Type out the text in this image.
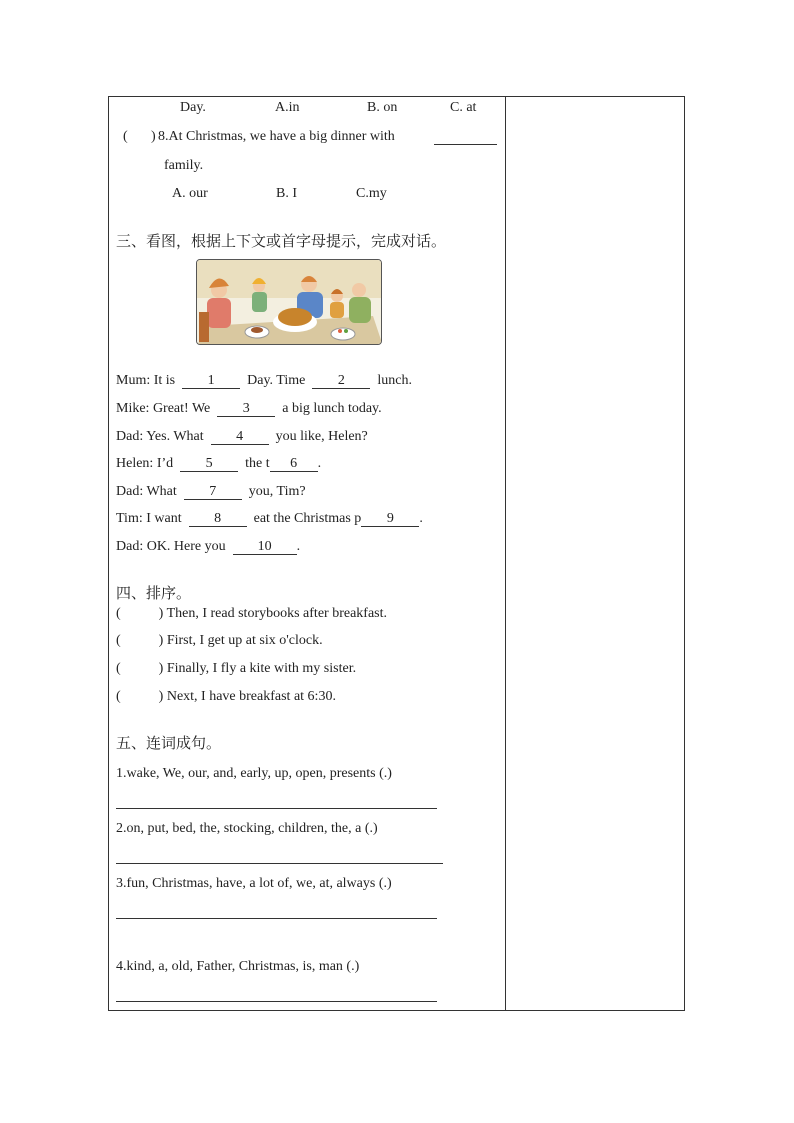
Day.	A.in	B. on	C. at
( ) 8.At Christmas, we have a big dinner with
family.
A. our	B. I	C.my
三、看图，根据上下文或首字母提示，完成对话。
Mum: It is 1 Day. Time 2 lunch.
Mike: Great! We 3 a big lunch today.
Dad: Yes. What 4 you like, Helen?
Helen: I’d 5 the t 6 .
Dad: What 7 you, Tim?
Tim: I want 8 eat the Christmas p 9 .
Dad: OK. Here you 10 .
四、排序。
(	) Then, I read storybooks after breakfast.
(	) First, I get up at six o'clock.
(	) Finally, I fly a kite with my sister.
(	) Next, I have breakfast at 6:30.
五、连词成句。
1.wake, We, our, and, early, up, open, presents (.)
2.on, put, bed, the, stocking, children, the, a (.)
3.fun, Christmas, have, a lot of, we, at, always (.)
4.kind, a, old, Father, Christmas, is, man (.)
